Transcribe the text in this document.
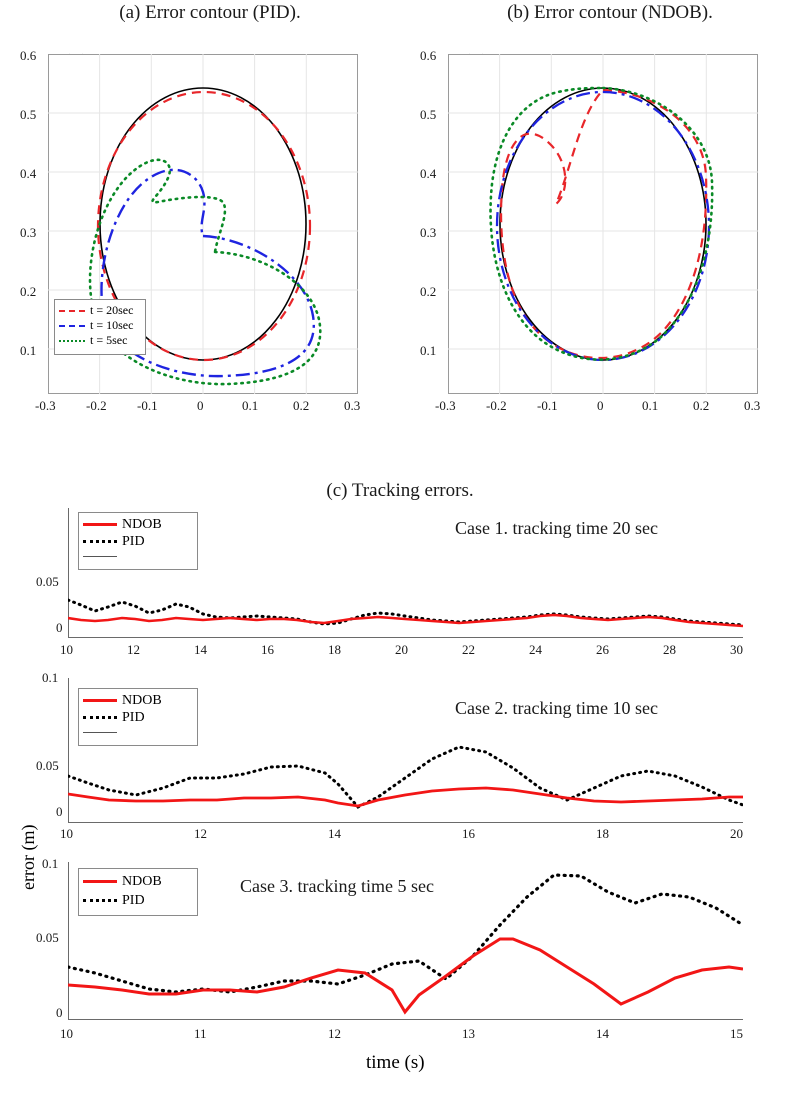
(a) Error contour (PID).	(b) Error contour (NDOB).
(c) Tracking errors.
0.6
0.5
0.4
0.3
0.2
0.1
-0.3 -0.2 -0.1	0	0.1	0.2	0.3
t = 20sec
t = 10sec
t = 5sec
0.6
0.5
0.4
0.3
0.2
0.1
-0.3 -0.2 -0.1	0	0.1	0.2	0.3
error (m)
Case 1. tracking time 20 sec
0.05
0
10	12	14	16	18	20	22	24	26	28	30
NDOB
PID
Case 2. tracking time 10 sec
0.1
0.05
0
10	12	14	16	18	20
NDOB
PID
Case 3. tracking time 5 sec
0.1
0.05
0
10	11	12	13	14	15
NDOB
PID
time (s)
